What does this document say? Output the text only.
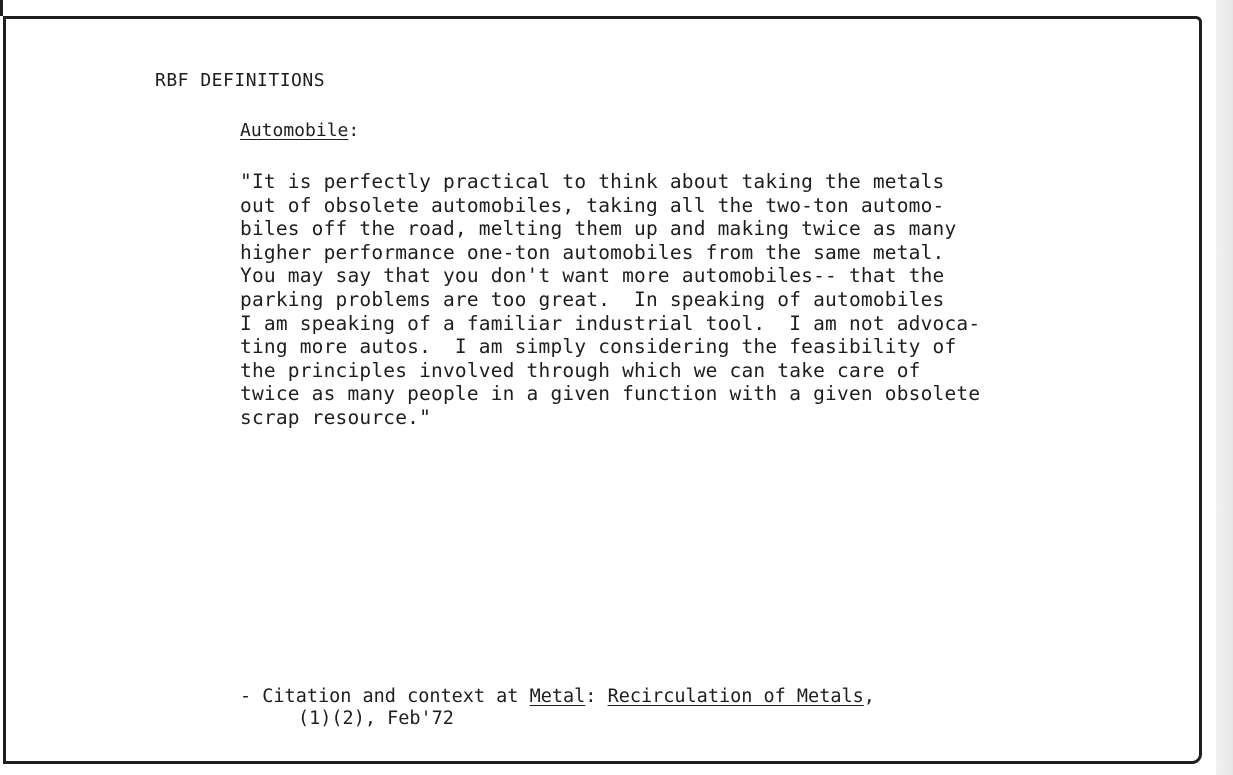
RBF DEFINITIONS
Automobile:
"It is perfectly practical to think about taking the metals
out of obsolete automobiles, taking all the two-ton automo-
biles off the road, melting them up and making twice as many
higher performance one-ton automobiles from the same metal.
You may say that you don't want more automobiles-- that the
parking problems are too great.  In speaking of automobiles
I am speaking of a familiar industrial tool.  I am not advoca-
ting more autos.  I am simply considering the feasibility of
the principles involved through which we can take care of
twice as many people in a given function with a given obsolete
scrap resource."
- Citation and context at Metal: Recirculation of Metals,
(1)(2), Feb'72
